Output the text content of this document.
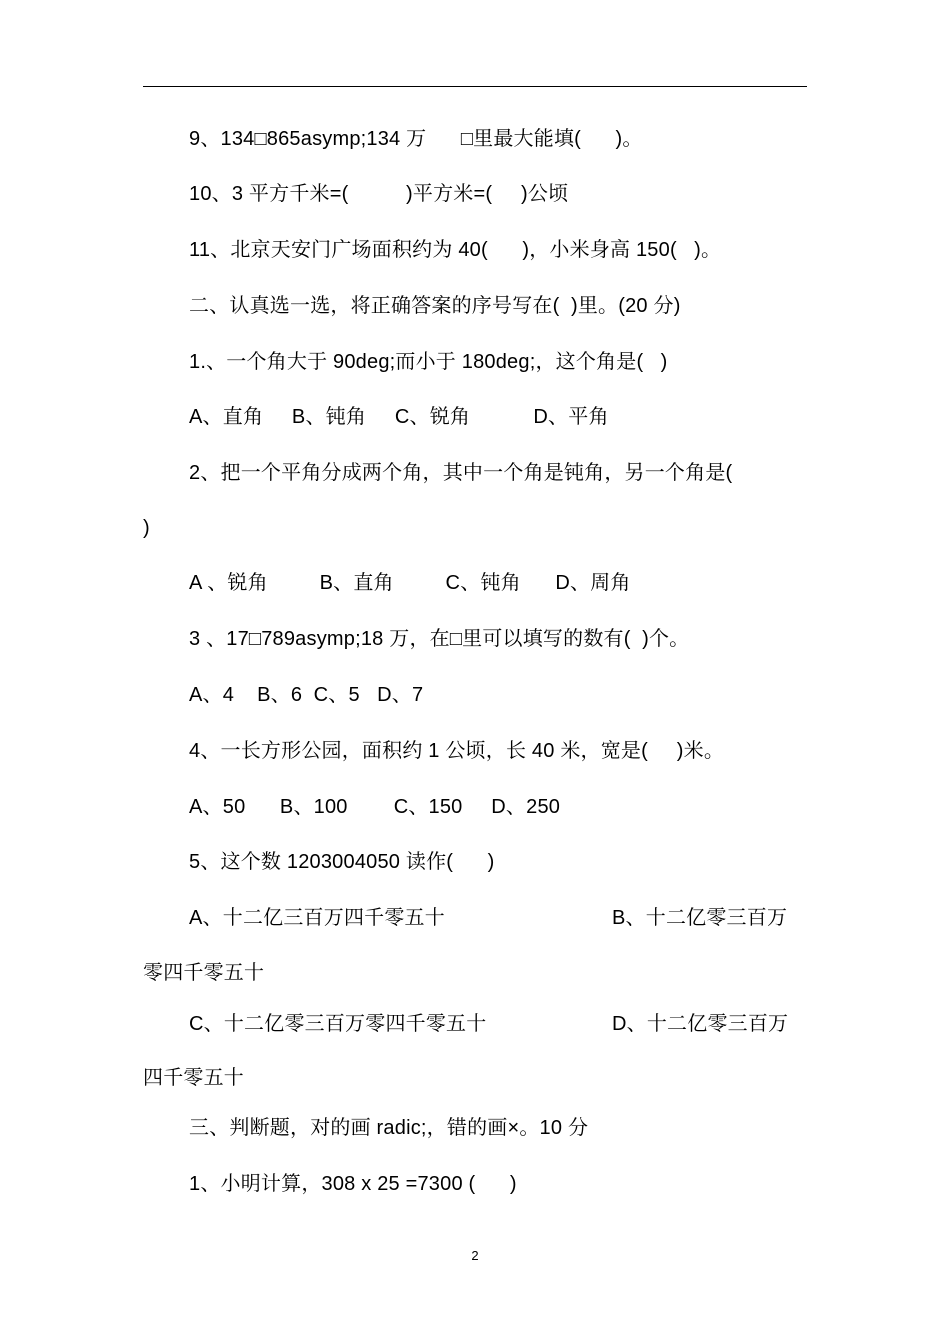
9、134□865asymp;134 万      □里最大能填(      )。
10、3 平方千米=(          )平方米=(     )公顷
11、北京天安门广场面积约为 40(      )，小米身高 150(   )。
二、认真选一选，将正确答案的序号写在(  )里。(20 分)
1.、一个角大于 90deg;而小于 180deg;，这个角是(   )
A、直角     B、钝角     C、锐角           D、平角
2、把一个平角分成两个角，其中一个角是钝角，另一个角是(
)
A 、锐角         B、直角         C、钝角      D、周角
3 、17□789asymp;18 万，在□里可以填写的数有(  )个。
A、4    B、6  C、5   D、7
4、一长方形公园，面积约 1 公顷，长 40 米，宽是(     )米。
A、50      B、100        C、150     D、250
5、这个数 1203004050 读作(      )
A、十二亿三百万四千零五十	B、十二亿零三百万
零四千零五十
C、十二亿零三百万零四千零五十	D、十二亿零三百万
四千零五十
三、判断题，对的画 radic;，错的画×。10 分
1、小明计算，308 x 25 =7300 (      )
2
